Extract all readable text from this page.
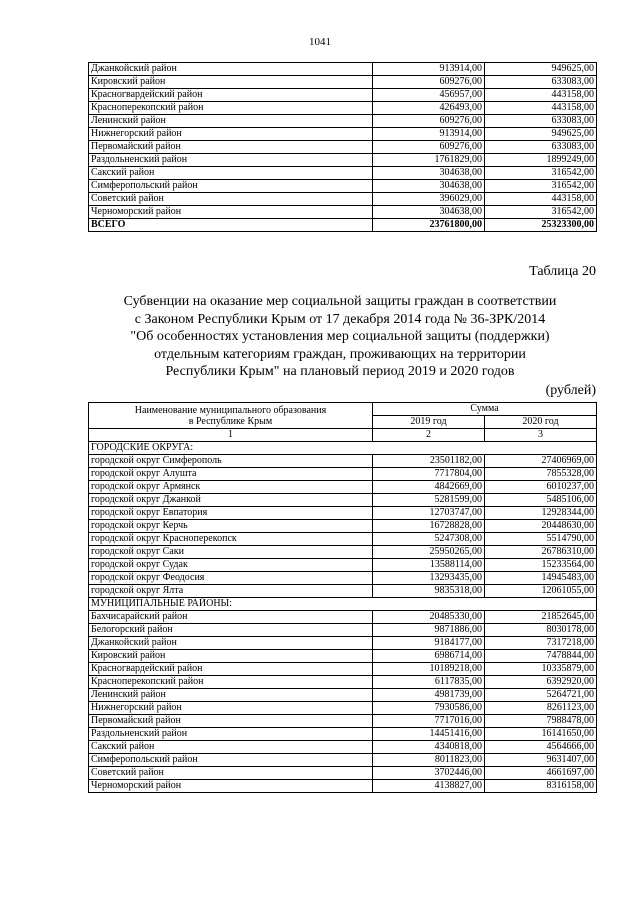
1041
Джанкойский район	913914,00	949625,00
Кировский район	609276,00	633083,00
Красногвардейский район	456957,00	443158,00
Красноперекопский район	426493,00	443158,00
Ленинский район	609276,00	633083,00
Нижнегорский район	913914,00	949625,00
Первомайский район	609276,00	633083,00
Раздольненский район	1761829,00	1899249,00
Сакский район	304638,00	316542,00
Симферопольский район	304638,00	316542,00
Советский район	396029,00	443158,00
Черноморский район	304638,00	316542,00
ВСЕГО	23761800,00	25323300,00
Таблица 20
Субвенции на оказание мер социальной защиты граждан в соответствии
с Законом Республики Крым от 17 декабря 2014 года № 36-ЗРК/2014
"Об особенностях установления мер социальной защиты (поддержки)
отдельным категориям граждан, проживающих на территории
Республики Крым" на плановый период 2019 и 2020 годов
(рублей)
Наименование муниципального образования
в Республике Крым	Сумма	
	2019 год	2020 год
1	2	3
ГОРОДСКИЕ ОКРУГА:		
городской округ Симферополь	23501182,00	27406969,00
городской округ Алушта	7717804,00	7855328,00
городской округ Армянск	4842669,00	6010237,00
городской округ Джанкой	5281599,00	5485106,00
городской округ Евпатория	12703747,00	12928344,00
городской округ Керчь	16728828,00	20448630,00
городской округ Красноперекопск	5247308,00	5514790,00
городской округ Саки	25950265,00	26786310,00
городской округ Судак	13588114,00	15233564,00
городской округ Феодосия	13293435,00	14945483,00
городской округ Ялта	9835318,00	12061055,00
МУНИЦИПАЛЬНЫЕ РАЙОНЫ:		
Бахчисарайский район	20485330,00	21852645,00
Белогорский район	9871886,00	8030178,00
Джанкойский район	9184177,00	7317218,00
Кировский район	6986714,00	7478844,00
Красногвардейский район	10189218,00	10335879,00
Красноперекопский район	6117835,00	6392920,00
Ленинский район	4981739,00	5264721,00
Нижнегорский район	7930586,00	8261123,00
Первомайский район	7717016,00	7988478,00
Раздольненский район	14451416,00	16141650,00
Сакский район	4340818,00	4564666,00
Симферопольский район	8011823,00	9631407,00
Советский район	3702446,00	4661697,00
Черноморский район	4138827,00	8316158,00
